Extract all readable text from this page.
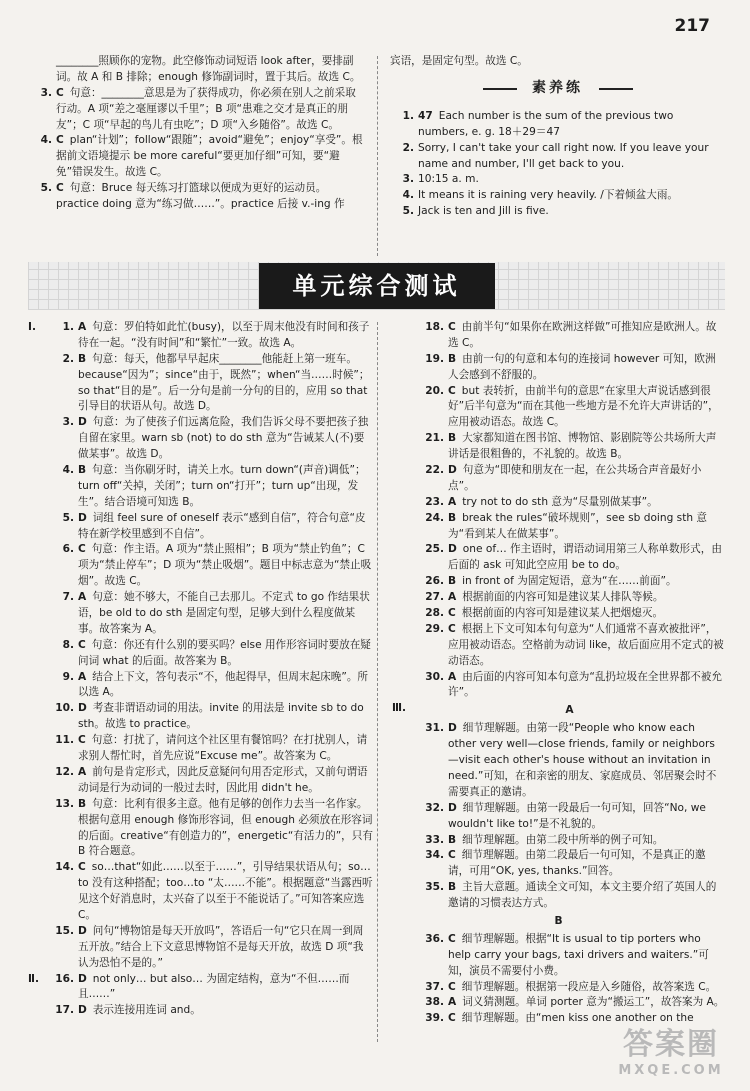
217
________照顾你的宠物。此空修饰动词短语 look after，要排副词。故 A 和 B 排除；enough 修饰副词时，置于其后。故选 C。
3. C 句意：________意思是为了获得成功，你必须在别人之前采取行动。A 项“差之毫厘谬以千里”；B 项“患难之交才是真正的朋友”；C 项“早起的鸟儿有虫吃”；D 项“入乡随俗”。故选 C。
4. C plan“计划”；follow“跟随”；avoid“避免”；enjoy“享受”。根据前文语境提示 be more careful“要更加仔细”可知，要“避免”错误发生。故选 C。
5. C 句意：Bruce 每天练习打篮球以便成为更好的运动员。practice doing 意为“练习做……”。practice 后接 v.-ing 作
宾语，是固定句型。故选 C。
素养练
1. 47 Each number is the sum of the previous two numbers, e. g. 18＋29＝47
2. Sorry, I can't take your call right now. If you leave your name and number, I'll get back to you.
3. 10:15 a. m.
4. It means it is raining very heavily. /下着倾盆大雨。
5. Jack is ten and Jill is five.
单元综合测试
Ⅰ.	1. A 句意：罗伯特如此忙(busy)，以至于周末他没有时间和孩子待在一起。“没有时间”和“繁忙”一致。故选 A。
2. B 句意：每天，他都早早起床________他能赶上第一班车。because“因为”；since“由于，既然”；when“当……时候”；so that“目的是”。后一分句是前一分句的目的，应用 so that 引导目的状语从句。故选 D。
3. D 句意：为了使孩子们远离危险，我们告诉父母不要把孩子独自留在家里。warn sb (not) to do sth 意为“告诫某人(不)要做某事”。故选 D。
4. B 句意：当你刷牙时，请关上水。turn down“(声音)调低”；turn off“关掉，关闭”；turn on“打开”；turn up“出现，发生”。结合语境可知选 B。
5. D 词组 feel sure of oneself 表示“感到自信”，符合句意“皮特在新学校里感到不自信”。
6. C 句意：作主语。A 项为“禁止照相”；B 项为“禁止钓鱼”；C 项为“禁止停车”；D 项为“禁止吸烟”。题目中标志意为“禁止吸烟”。故选 C。
7. A 句意：她不够大，不能自己去那儿。不定式 to go 作结果状语，be old to do sth 是固定句型，足够大到什么程度做某事。故答案为 A。
8. C 句意：你还有什么别的要买吗？else 用作形容词时要放在疑问词 what 的后面。故答案为 B。
9. A 结合上下文，答句表示“不，他起得早，但周末起床晚”。所以选 A。
10. D 考查非谓语动词的用法。invite 的用法是 invite sb to do sth。故选 to practice。
11. C 句意：打扰了，请问这个社区里有餐馆吗？在打扰别人，请求别人帮忙时，首先应说“Excuse me”。故答案为 C。
12. A 前句是肯定形式，因此反意疑问句用否定形式，又前句谓语动词是行为动词的一般过去时，因此用 didn't he。
13. B 句意：比利有很多主意。他有足够的创作力去当一名作家。根据句意用 enough 修饰形容词，但 enough 必须放在形容词的后面。creative“有创造力的”，energetic“有活力的”，只有 B 符合题意。
14. C so…that“如此……以至于……”，引导结果状语从句；so…to 没有这种搭配；too…to “太……不能”。根据题意“当露西听见这个好消息时，太兴奋了以至于不能说话了。”可知答案应选 C。
15. D 问句“博物馆是每天开放吗”，答语后一句“它只在周一到周五开放。”结合上下文意思博物馆不是每天开放，故选 D 项“我认为恐怕不是的。”
Ⅱ.	16. D not only… but also… 为固定结构，意为“不但……而且……”
17. D 表示连接用连词 and。
18. C 由前半句“如果你在欧洲这样做”可推知应是欧洲人。故选 C。
19. B 由前一句的句意和本句的连接词 however 可知，欧洲人会感到不舒服的。
20. C but 表转折，由前半句的意思“在家里大声说话感到很好”后半句意为“而在其他一些地方是不允许大声讲话的”，应用被动语态。故选 C。
21. B 大家都知道在图书馆、博物馆、影剧院等公共场所大声讲话是很粗鲁的，不礼貌的。故选 B。
22. D 句意为“即使和朋友在一起，在公共场合声音最好小点”。
23. A try not to do sth 意为“尽量别做某事”。
24. B break the rules“破坏规则”，see sb doing sth 意为“看到某人在做某事”。
25. D one of… 作主语时，谓语动词用第三人称单数形式，由后面的 ask 可知此空应用 be to do。
26. B in front of 为固定短语，意为“在……前面”。
27. A 根据前面的内容可知是建议某人排队等候。
28. C 根据前面的内容可知是建议某人把烟熄灭。
29. C 根据上下文可知本句句意为“人们通常不喜欢被批评”，应用被动语态。空格前为动词 like，故后面应用不定式的被动语态。
30. A 由后面的内容可知本句意为“乱扔垃圾在全世界都不被允许”。
Ⅲ.	A
31. D 细节理解题。由第一段“People who know each other very well—close friends, family or neighbors—visit each other's house without an invitation in need.”可知，在和亲密的朋友、家庭成员、邻居聚会时不需要真正的邀请。
32. D 细节理解题。由第一段最后一句可知，回答“No, we wouldn't like to!”是不礼貌的。
33. B 细节理解题。由第二段中所举的例子可知。
34. C 细节理解题。由第二段最后一句可知，不是真正的邀请，可用“OK, yes, thanks.”回答。
35. B 主旨大意题。通读全文可知，本文主要介绍了英国人的邀请的习惯表达方式。
B
36. C 细节理解题。根据“It is usual to tip porters who help carry your bags, taxi drivers and waiters.”可知，演员不需要付小费。
37. C 细节理解题。根据第一段应是入乡随俗，故答案选 C。
38. A 词义猜测题。单词 porter 意为“搬运工”，故答案为 A。
39. C 细节理解题。由“men kiss one another on the
答案圈
MXQE.COM
